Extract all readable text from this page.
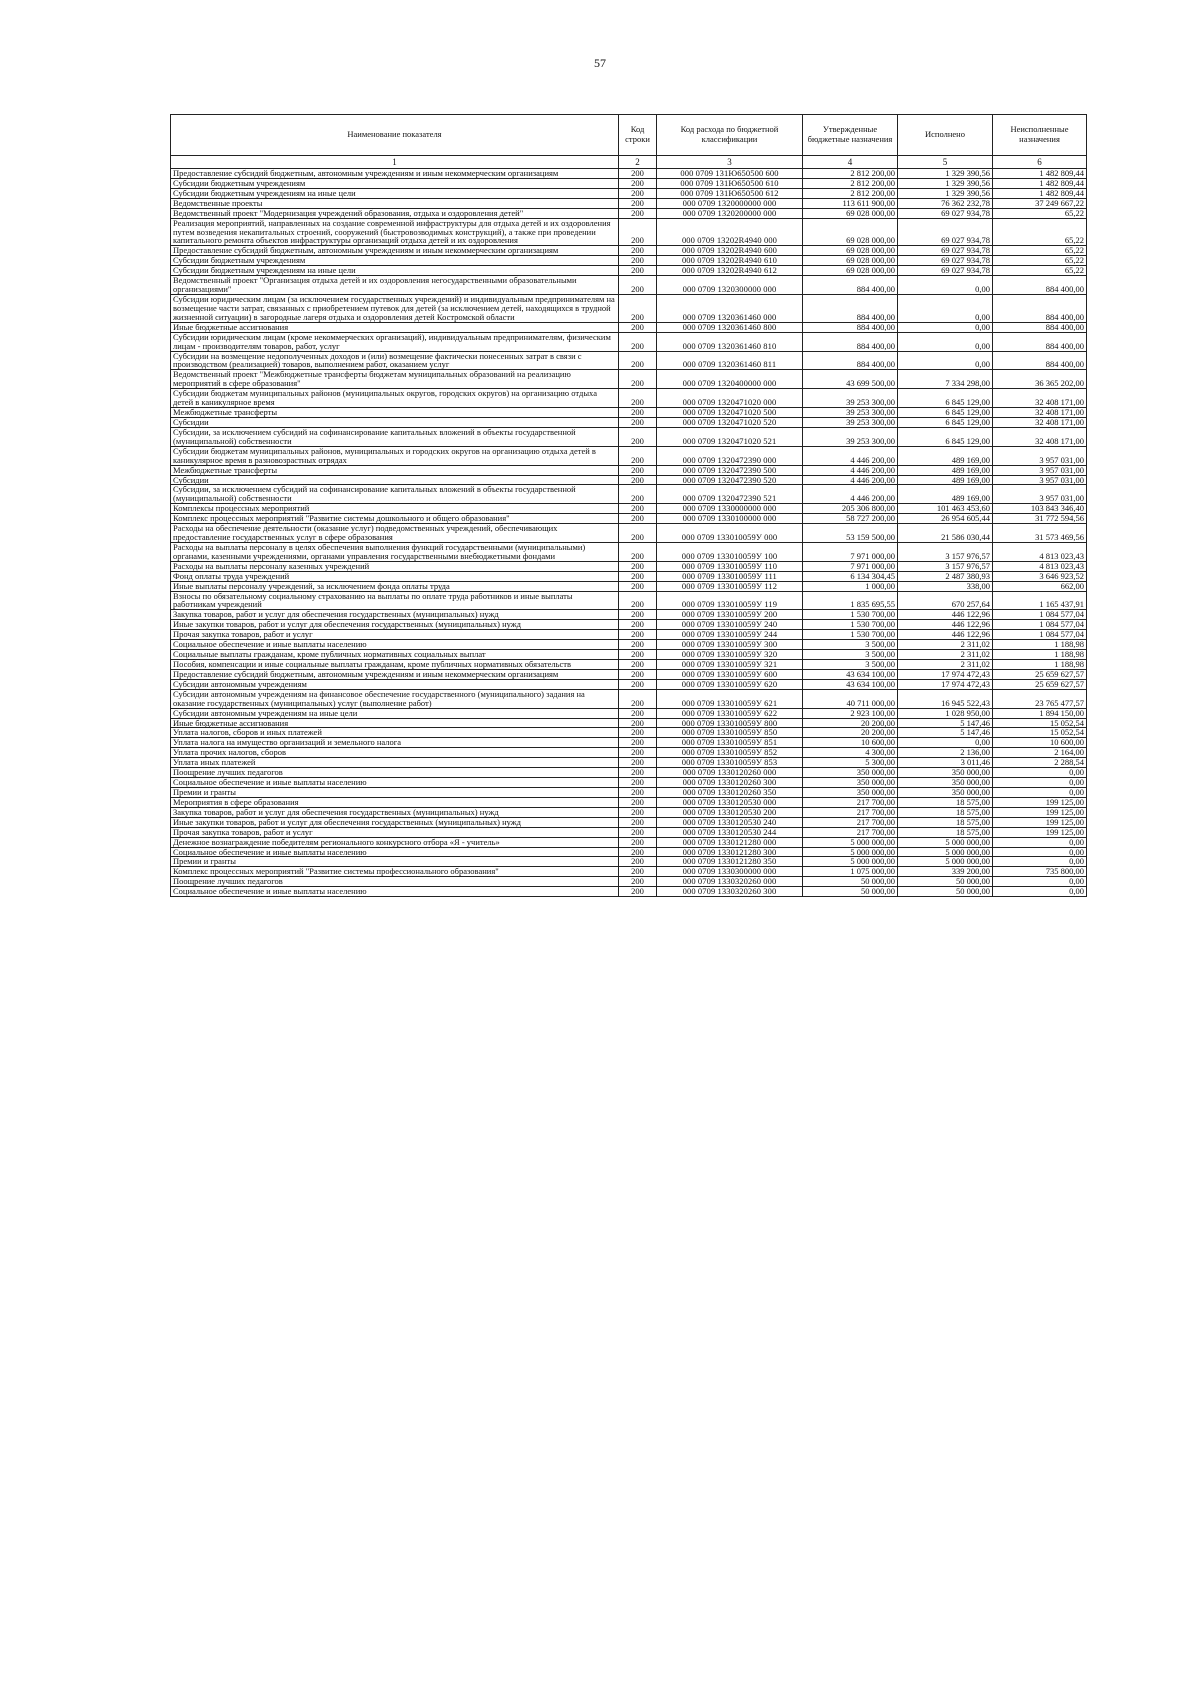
57
Наименование показателя	Код строки	Код расхода по бюджетной классификации	Утвержденные бюджетные назначения	Исполнено	Неисполненные назначения
1	2	3	4	5	6
Предоставление субсидий бюджетным, автономным учреждениям и иным некоммерческим организациям	200	000 0709 131Ю650500 600	2 812 200,00	1 329 390,56	1 482 809,44
Субсидии бюджетным учреждениям	200	000 0709 131Ю650500 610	2 812 200,00	1 329 390,56	1 482 809,44
Субсидии бюджетным учреждениям на иные цели	200	000 0709 131Ю650500 612	2 812 200,00	1 329 390,56	1 482 809,44
Ведомственные проекты	200	000 0709 1320000000 000	113 611 900,00	76 362 232,78	37 249 667,22
Ведомственный проект "Модернизация учреждений образования, отдыха и оздоровления детей"	200	000 0709 1320200000 000	69 028 000,00	69 027 934,78	65,22
Реализация мероприятий, направленных на создание современной инфраструктуры для отдыха детей и их оздоровления путем возведения некапитальных строений, сооружений (быстровозводимых конструкций), а также при проведении капитального ремонта объектов инфраструктуры организаций отдыха детей и их оздоровления	200	000 0709 13202R4940 000	69 028 000,00	69 027 934,78	65,22
Предоставление субсидий бюджетным, автономным учреждениям и иным некоммерческим организациям	200	000 0709 13202R4940 600	69 028 000,00	69 027 934,78	65,22
Субсидии бюджетным учреждениям	200	000 0709 13202R4940 610	69 028 000,00	69 027 934,78	65,22
Субсидии бюджетным учреждениям на иные цели	200	000 0709 13202R4940 612	69 028 000,00	69 027 934,78	65,22
Ведомственный проект "Организация отдыха детей и их оздоровления негосударственными образовательными организациями"	200	000 0709 1320300000 000	884 400,00	0,00	884 400,00
Субсидии юридическим лицам (за исключением государственных учреждений) и индивидуальным предпринимателям на возмещение части затрат, связанных с приобретением путевок для детей (за исключением детей, находящихся в трудной жизненной ситуации) в загородные лагеря отдыха и оздоровления детей Костромской области	200	000 0709 1320361460 000	884 400,00	0,00	884 400,00
Иные бюджетные ассигнования	200	000 0709 1320361460 800	884 400,00	0,00	884 400,00
Субсидии юридическим лицам (кроме некоммерческих организаций), индивидуальным предпринимателям, физическим лицам - производителям товаров, работ, услуг	200	000 0709 1320361460 810	884 400,00	0,00	884 400,00
Субсидии на возмещение недополученных доходов и (или) возмещение фактически понесенных затрат в связи с производством (реализацией) товаров, выполнением работ, оказанием услуг	200	000 0709 1320361460 811	884 400,00	0,00	884 400,00
Ведомственный проект "Межбюджетные трансферты бюджетам муниципальных образований на реализацию мероприятий в сфере образования"	200	000 0709 1320400000 000	43 699 500,00	7 334 298,00	36 365 202,00
Субсидии бюджетам муниципальных районов (муниципальных округов, городских округов) на организацию отдыха детей в каникулярное время	200	000 0709 1320471020 000	39 253 300,00	6 845 129,00	32 408 171,00
Межбюджетные трансферты	200	000 0709 1320471020 500	39 253 300,00	6 845 129,00	32 408 171,00
Субсидии	200	000 0709 1320471020 520	39 253 300,00	6 845 129,00	32 408 171,00
Субсидии, за исключением субсидий на софинансирование капитальных вложений в объекты государственной (муниципальной) собственности	200	000 0709 1320471020 521	39 253 300,00	6 845 129,00	32 408 171,00
Субсидии бюджетам муниципальных районов, муниципальных и городских округов на организацию отдыха детей в каникулярное время в разновозрастных отрядах	200	000 0709 1320472390 000	4 446 200,00	489 169,00	3 957 031,00
Межбюджетные трансферты	200	000 0709 1320472390 500	4 446 200,00	489 169,00	3 957 031,00
Субсидии	200	000 0709 1320472390 520	4 446 200,00	489 169,00	3 957 031,00
Субсидии, за исключением субсидий на софинансирование капитальных вложений в объекты государственной (муниципальной) собственности	200	000 0709 1320472390 521	4 446 200,00	489 169,00	3 957 031,00
Комплексы процессных мероприятий	200	000 0709 1330000000 000	205 306 800,00	101 463 453,60	103 843 346,40
Комплекс процессных мероприятий "Развитие системы дошкольного и общего образования"	200	000 0709 1330100000 000	58 727 200,00	26 954 605,44	31 772 594,56
Расходы на обеспечение деятельности (оказание услуг) подведомственных учреждений, обеспечивающих предоставление государственных услуг в сфере образования	200	000 0709 133010059У 000	53 159 500,00	21 586 030,44	31 573 469,56
Расходы на выплаты персоналу в целях обеспечения выполнения функций государственными (муниципальными) органами, казенными учреждениями, органами управления государственными внебюджетными фондами	200	000 0709 133010059У 100	7 971 000,00	3 157 976,57	4 813 023,43
Расходы на выплаты персоналу казенных учреждений	200	000 0709 133010059У 110	7 971 000,00	3 157 976,57	4 813 023,43
Фонд оплаты труда учреждений	200	000 0709 133010059У 111	6 134 304,45	2 487 380,93	3 646 923,52
Иные выплаты персоналу учреждений, за исключением фонда оплаты труда	200	000 0709 133010059У 112	1 000,00	338,00	662,00
Взносы по обязательному социальному страхованию на выплаты по оплате труда работников и иные выплаты работникам учреждений	200	000 0709 133010059У 119	1 835 695,55	670 257,64	1 165 437,91
Закупка товаров, работ и услуг для обеспечения государственных (муниципальных) нужд	200	000 0709 133010059У 200	1 530 700,00	446 122,96	1 084 577,04
Иные закупки товаров, работ и услуг для обеспечения государственных (муниципальных) нужд	200	000 0709 133010059У 240	1 530 700,00	446 122,96	1 084 577,04
Прочая закупка товаров, работ и услуг	200	000 0709 133010059У 244	1 530 700,00	446 122,96	1 084 577,04
Социальное обеспечение и иные выплаты населению	200	000 0709 133010059У 300	3 500,00	2 311,02	1 188,98
Социальные выплаты гражданам, кроме публичных нормативных социальных выплат	200	000 0709 133010059У 320	3 500,00	2 311,02	1 188,98
Пособия, компенсации и иные социальные выплаты гражданам, кроме публичных нормативных обязательств	200	000 0709 133010059У 321	3 500,00	2 311,02	1 188,98
Предоставление субсидий бюджетным, автономным учреждениям и иным некоммерческим организациям	200	000 0709 133010059У 600	43 634 100,00	17 974 472,43	25 659 627,57
Субсидии автономным учреждениям	200	000 0709 133010059У 620	43 634 100,00	17 974 472,43	25 659 627,57
Субсидии автономным учреждениям на финансовое обеспечение государственного (муниципального) задания на оказание государственных (муниципальных) услуг (выполнение работ)	200	000 0709 133010059У 621	40 711 000,00	16 945 522,43	23 765 477,57
Субсидии автономным учреждениям на иные цели	200	000 0709 133010059У 622	2 923 100,00	1 028 950,00	1 894 150,00
Иные бюджетные ассигнования	200	000 0709 133010059У 800	20 200,00	5 147,46	15 052,54
Уплата налогов, сборов и иных платежей	200	000 0709 133010059У 850	20 200,00	5 147,46	15 052,54
Уплата налога на имущество организаций и земельного налога	200	000 0709 133010059У 851	10 600,00	0,00	10 600,00
Уплата прочих налогов, сборов	200	000 0709 133010059У 852	4 300,00	2 136,00	2 164,00
Уплата иных платежей	200	000 0709 133010059У 853	5 300,00	3 011,46	2 288,54
Поощрение лучших педагогов	200	000 0709 1330120260 000	350 000,00	350 000,00	0,00
Социальное обеспечение и иные выплаты населению	200	000 0709 1330120260 300	350 000,00	350 000,00	0,00
Премии и гранты	200	000 0709 1330120260 350	350 000,00	350 000,00	0,00
Мероприятия в сфере образования	200	000 0709 1330120530 000	217 700,00	18 575,00	199 125,00
Закупка товаров, работ и услуг для обеспечения государственных (муниципальных) нужд	200	000 0709 1330120530 200	217 700,00	18 575,00	199 125,00
Иные закупки товаров, работ и услуг для обеспечения государственных (муниципальных) нужд	200	000 0709 1330120530 240	217 700,00	18 575,00	199 125,00
Прочая закупка товаров, работ и услуг	200	000 0709 1330120530 244	217 700,00	18 575,00	199 125,00
Денежное вознаграждение победителям регионального конкурсного отбора «Я - учитель»	200	000 0709 1330121280 000	5 000 000,00	5 000 000,00	0,00
Социальное обеспечение и иные выплаты населению	200	000 0709 1330121280 300	5 000 000,00	5 000 000,00	0,00
Премии и гранты	200	000 0709 1330121280 350	5 000 000,00	5 000 000,00	0,00
Комплекс процессных мероприятий "Развитие системы профессионального образования"	200	000 0709 1330300000 000	1 075 000,00	339 200,00	735 800,00
Поощрение лучших педагогов	200	000 0709 1330320260 000	50 000,00	50 000,00	0,00
Социальное обеспечение и иные выплаты населению	200	000 0709 1330320260 300	50 000,00	50 000,00	0,00
